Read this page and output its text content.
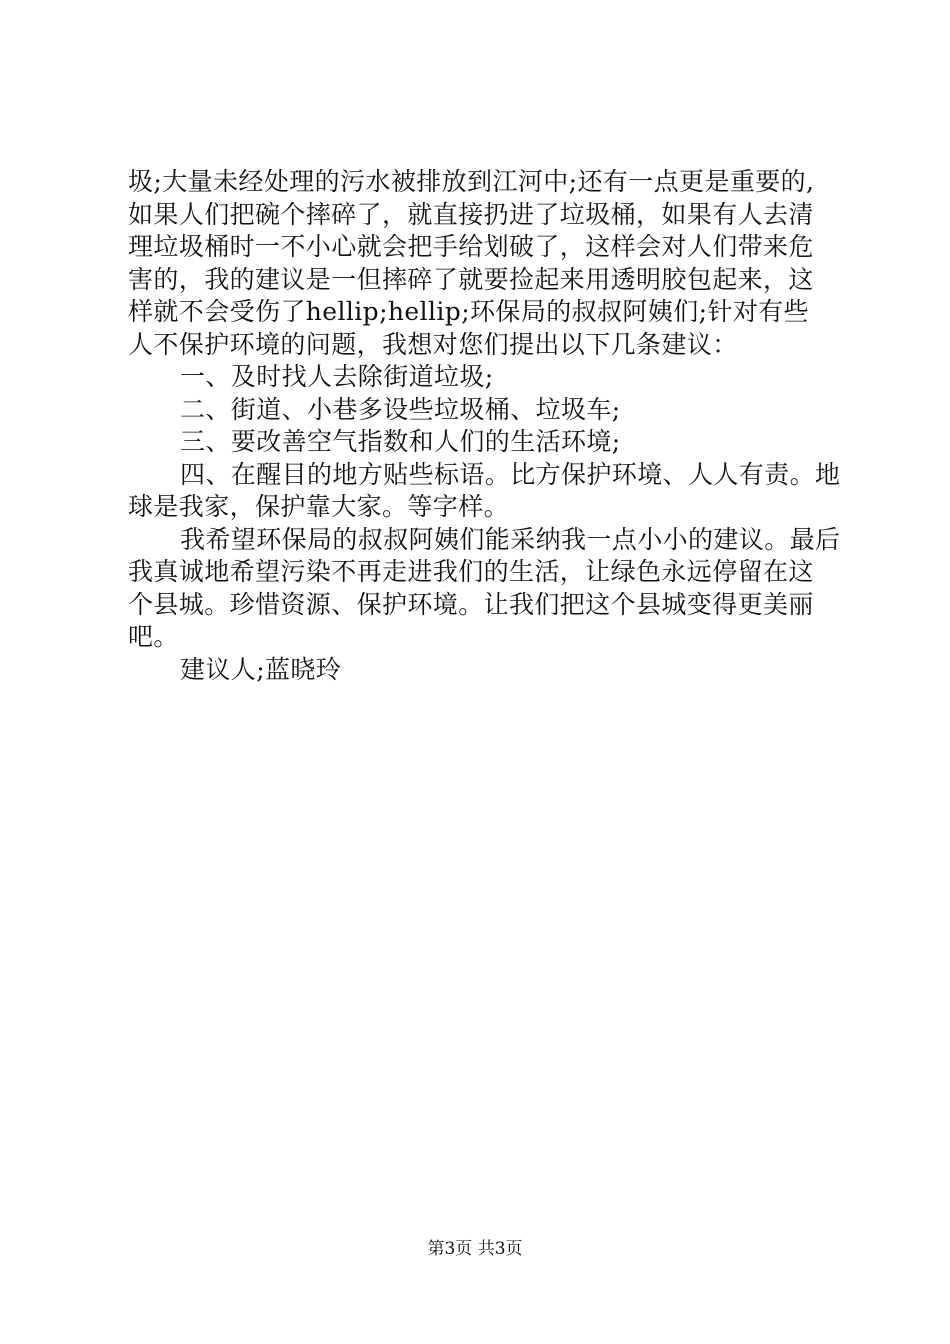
圾;大量未经处理的污水被排放到江河中;还有一点更是重要的,
如果人们把碗个摔碎了，就直接扔进了垃圾桶，如果有人去清
理垃圾桶时一不小心就会把手给划破了，这样会对人们带来危
害的，我的建议是一但摔碎了就要捡起来用透明胶包起来，这
样就不会受伤了hellip;hellip;环保局的叔叔阿姨们;针对有些
人不保护环境的问题，我想对您们提出以下几条建议：
一、及时找人去除街道垃圾;
二、街道、小巷多设些垃圾桶、垃圾车;
三、要改善空气指数和人们的生活环境;
四、在醒目的地方贴些标语。比方保护环境、人人有责。地
球是我家，保护靠大家。等字样。
我希望环保局的叔叔阿姨们能采纳我一点小小的建议。最后
我真诚地希望污染不再走进我们的生活，让绿色永远停留在这
个县城。珍惜资源、保护环境。让我们把这个县城变得更美丽
吧。
建议人;蓝晓玲
第3页 共3页
